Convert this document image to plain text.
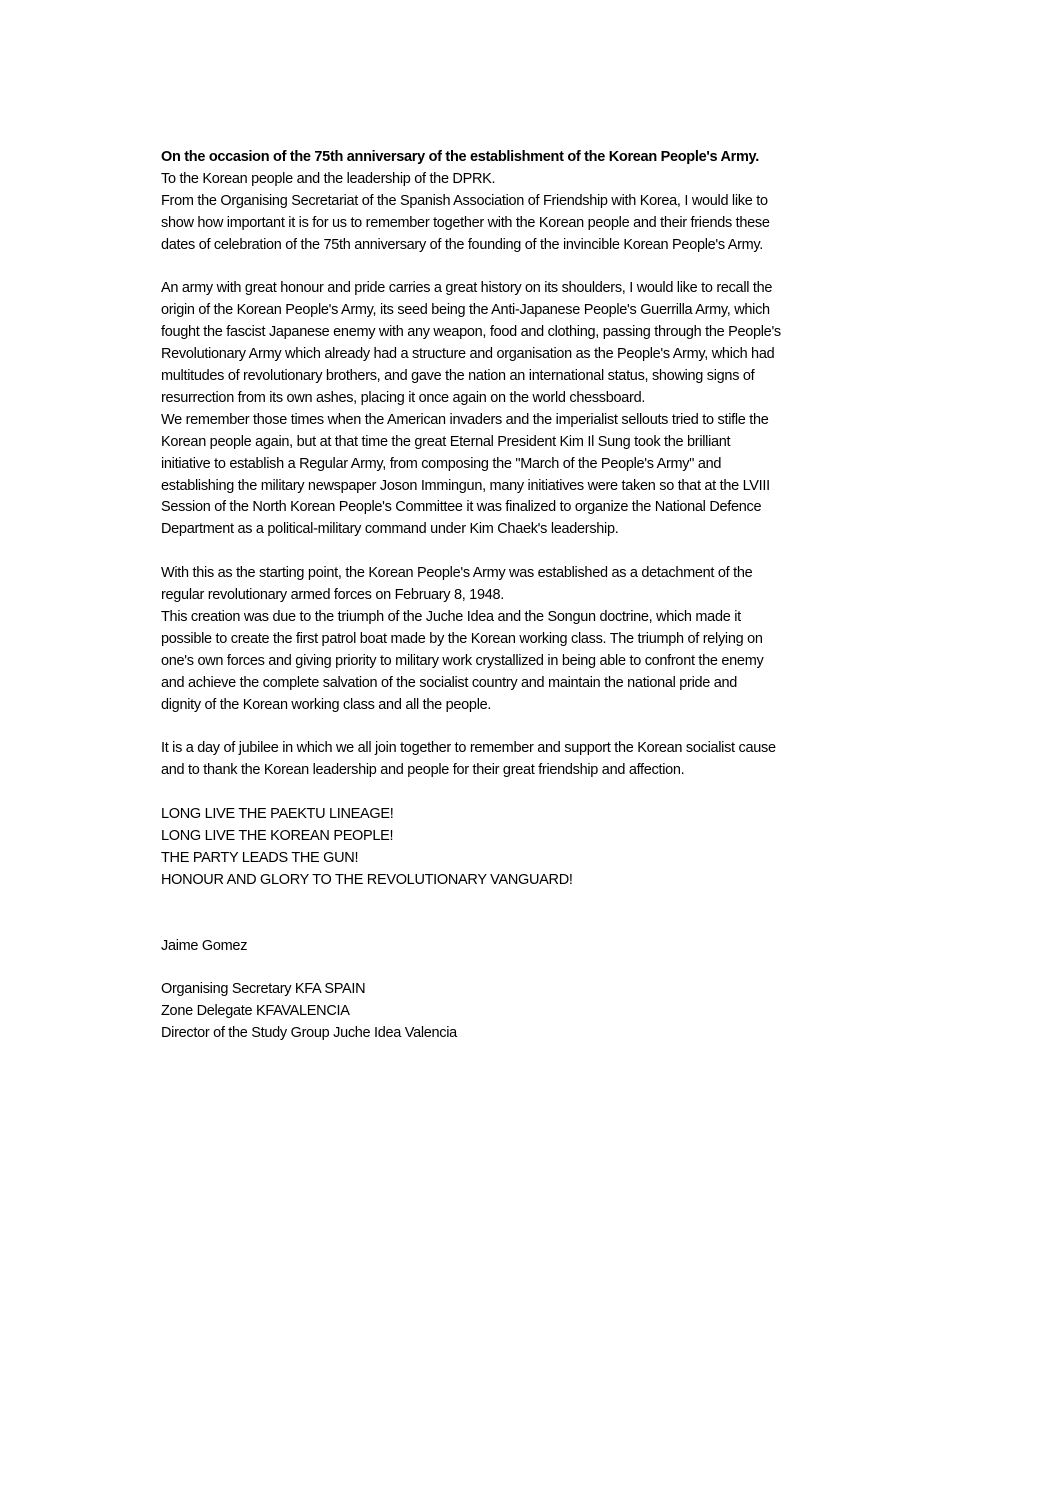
On the occasion of the 75th anniversary of the establishment of the Korean People's Army.
To the Korean people and the leadership of the DPRK.
From the Organising Secretariat of the Spanish Association of Friendship with Korea, I would like to
show how important it is for us to remember together with the Korean people and their friends these
dates of celebration of the 75th anniversary of the founding of the invincible Korean People's Army.
An army with great honour and pride carries a great history on its shoulders, I would like to recall the
origin of the Korean People's Army, its seed being the Anti-Japanese People's Guerrilla Army, which
fought the fascist Japanese enemy with any weapon, food and clothing, passing through the People's
Revolutionary Army which already had a structure and organisation as the People's Army, which had
multitudes of revolutionary brothers, and gave the nation an international status, showing signs of
resurrection from its own ashes, placing it once again on the world chessboard.
We remember those times when the American invaders and the imperialist sellouts tried to stifle the
Korean people again, but at that time the great Eternal President Kim Il Sung took the brilliant
initiative to establish a Regular Army, from composing the "March of the People's Army" and
establishing the military newspaper Joson Immingun, many initiatives were taken so that at the LVIII
Session of the North Korean People's Committee it was finalized to organize the National Defence
Department as a political-military command under Kim Chaek's leadership.
With this as the starting point, the Korean People's Army was established as a detachment of the
regular revolutionary armed forces on February 8, 1948.
This creation was due to the triumph of the Juche Idea and the Songun doctrine, which made it
possible to create the first patrol boat made by the Korean working class. The triumph of relying on
one's own forces and giving priority to military work crystallized in being able to confront the enemy
and achieve the complete salvation of the socialist country and maintain the national pride and
dignity of the Korean working class and all the people.
It is a day of jubilee in which we all join together to remember and support the Korean socialist cause
and to thank the Korean leadership and people for their great friendship and affection.
LONG LIVE THE PAEKTU LINEAGE!
LONG LIVE THE KOREAN PEOPLE!
THE PARTY LEADS THE GUN!
HONOUR AND GLORY TO THE REVOLUTIONARY VANGUARD!
Jaime Gomez
Organising Secretary KFA SPAIN
Zone Delegate KFAVALENCIA
Director of the Study Group Juche Idea Valencia
